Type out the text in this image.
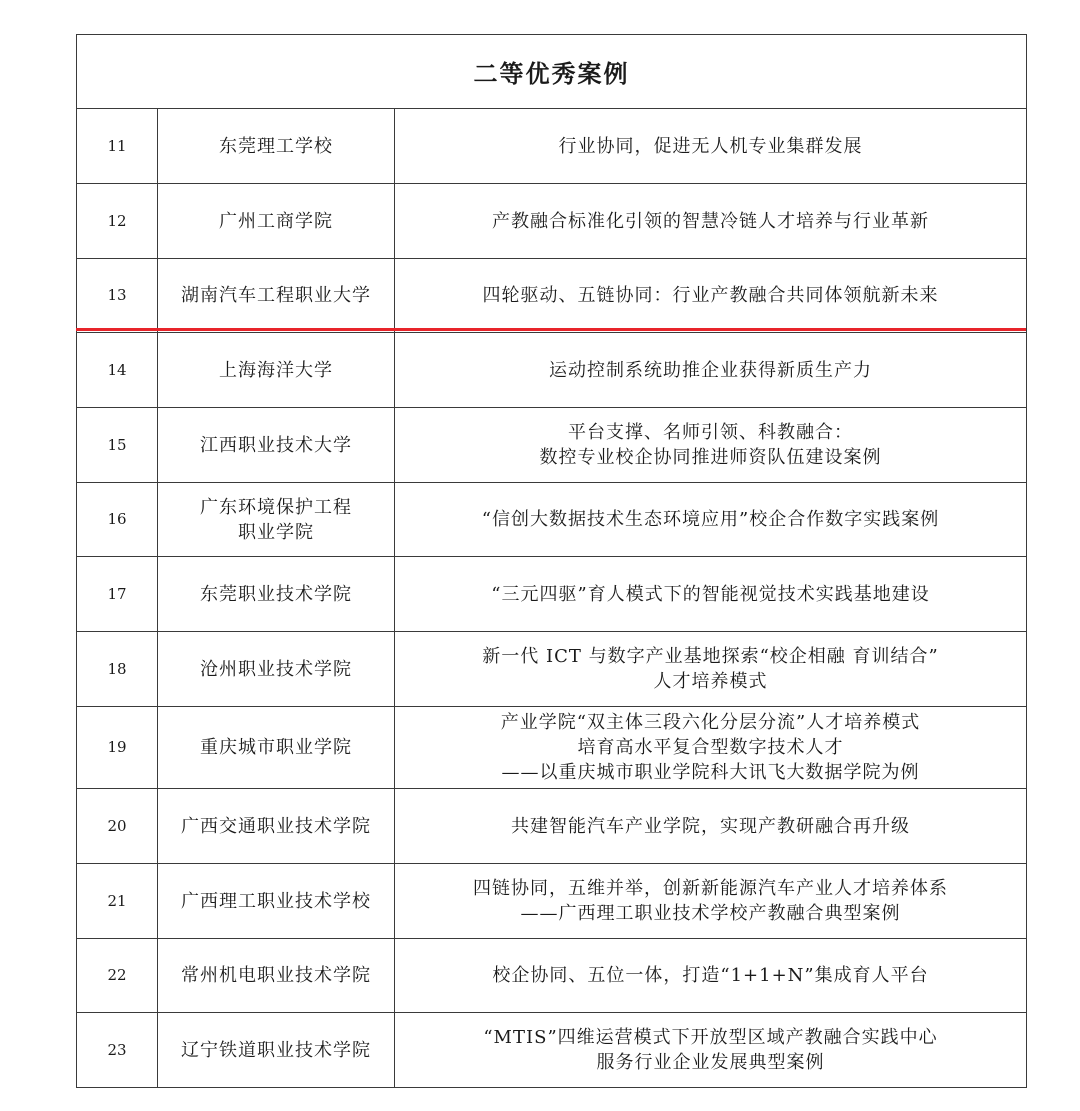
二等优秀案例		
11	东莞理工学校	行业协同，促进无人机专业集群发展

12	广州工商学院	产教融合标准化引领的智慧冷链人才培养与行业革新

13	湖南汽车工程职业大学	四轮驱动、五链协同：行业产教融合共同体领航新未来

14	上海海洋大学	运动控制系统助推企业获得新质生产力

15	江西职业技术大学	平台支撑、名师引领、科教融合：
数控专业校企协同推进师资队伍建设案例

16	广东环境保护工程
职业学院	“信创大数据技术生态环境应用”校企合作数字实践案例

17	东莞职业技术学院	“三元四驱”育人模式下的智能视觉技术实践基地建设

18	沧州职业技术学院	新一代 ICT 与数字产业基地探索“校企相融 育训结合”
人才培养模式

19	重庆城市职业学院	产业学院“双主体三段六化分层分流”人才培养模式
培育高水平复合型数字技术人才
——以重庆城市职业学院科大讯飞大数据学院为例

20	广西交通职业技术学院	共建智能汽车产业学院，实现产教研融合再升级

21	广西理工职业技术学校	四链协同，五维并举，创新新能源汽车产业人才培养体系
——广西理工职业技术学校产教融合典型案例

22	常州机电职业技术学院	校企协同、五位一体，打造“1+1+N”集成育人平台

23	辽宁铁道职业技术学院	“MTIS”四维运营模式下开放型区域产教融合实践中心
服务行业企业发展典型案例
